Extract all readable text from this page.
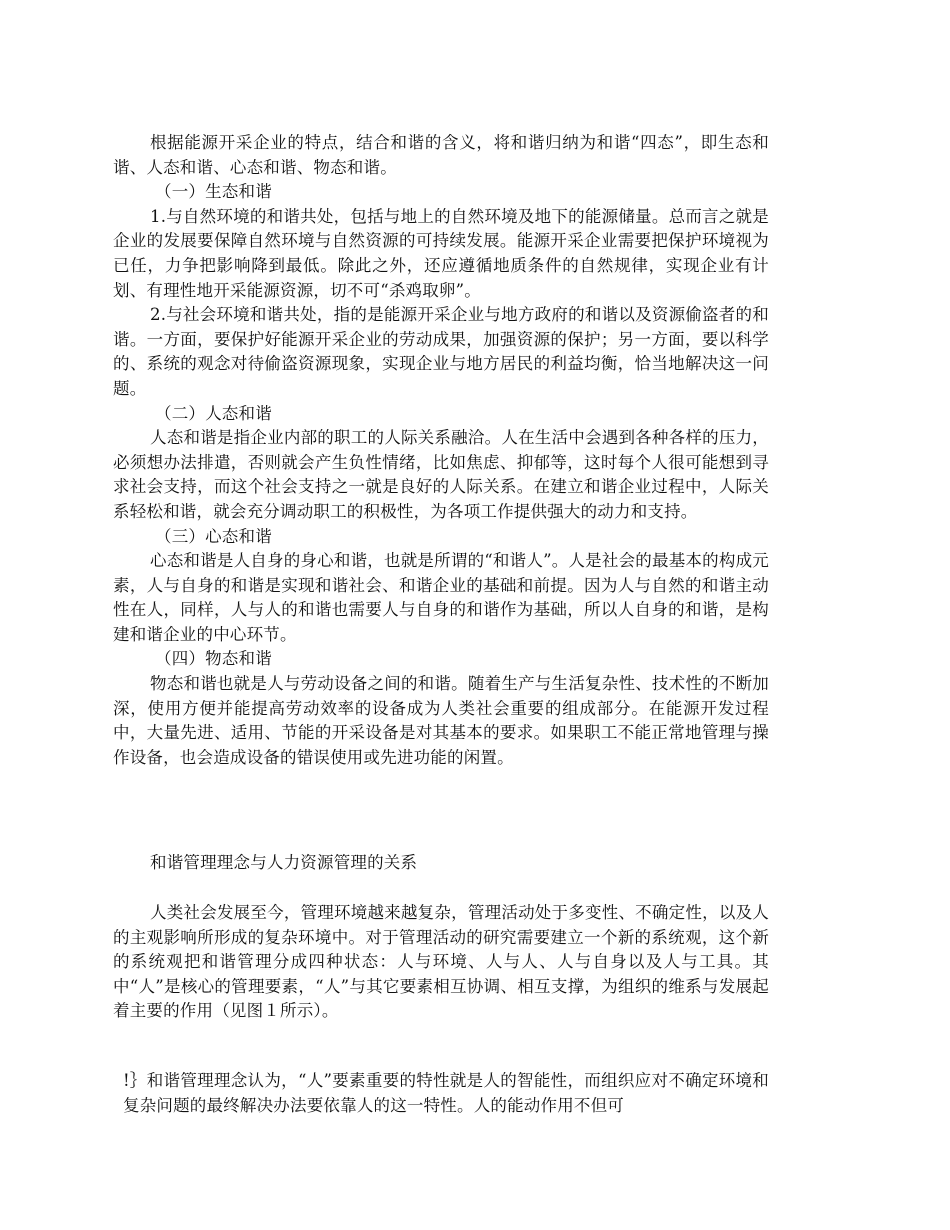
根据能源开采企业的特点，结合和谐的含义，将和谐归纳为和谐“四态”，即生态和谐、人态和谐、心态和谐、物态和谐。

（一）生态和谐

1.与自然环境的和谐共处，包括与地上的自然环境及地下的能源储量。总而言之就是企业的发展要保障自然环境与自然资源的可持续发展。能源开采企业需要把保护环境视为已任，力争把影响降到最低。除此之外，还应遵循地质条件的自然规律，实现企业有计划、有理性地开采能源资源，切不可“杀鸡取卵”。

2.与社会环境和谐共处，指的是能源开采企业与地方政府的和谐以及资源偷盗者的和谐。一方面，要保护好能源开采企业的劳动成果，加强资源的保护；另一方面，要以科学的、系统的观念对待偷盗资源现象，实现企业与地方居民的利益均衡，恰当地解决这一问题。

（二）人态和谐

人态和谐是指企业内部的职工的人际关系融洽。人在生活中会遇到各种各样的压力，必须想办法排遣，否则就会产生负性情绪，比如焦虑、抑郁等，这时每个人很可能想到寻求社会支持，而这个社会支持之一就是良好的人际关系。在建立和谐企业过程中，人际关系轻松和谐，就会充分调动职工的积极性，为各项工作提供强大的动力和支持。

（三）心态和谐

心态和谐是人自身的身心和谐，也就是所谓的“和谐人”。人是社会的最基本的构成元素，人与自身的和谐是实现和谐社会、和谐企业的基础和前提。因为人与自然的和谐主动性在人，同样，人与人的和谐也需要人与自身的和谐作为基础，所以人自身的和谐，是构建和谐企业的中心环节。

（四）物态和谐

物态和谐也就是人与劳动设备之间的和谐。随着生产与生活复杂性、技术性的不断加深，使用方便并能提高劳动效率的设备成为人类社会重要的组成部分。在能源开发过程中，大量先进、适用、节能的开采设备是对其基本的要求。如果职工不能正常地管理与操作设备，也会造成设备的错误使用或先进功能的闲置。

和谐管理理念与人力资源管理的关系

人类社会发展至今，管理环境越来越复杂，管理活动处于多变性、不确定性，以及人的主观影响所形成的复杂环境中。对于管理活动的研究需要建立一个新的系统观，这个新的系统观把和谐管理分成四种状态：人与环境、人与人、人与自身以及人与工具。其中“人”是核心的管理要素，“人”与其它要素相互协调、相互支撑，为组织的维系与发展起着主要的作用（见图１所示）。

!｝和谐管理理念认为，“人”要素重要的特性就是人的智能性，而组织应对不确定环境和复杂问题的最终解决办法要依靠人的这一特性。人的能动作用不但可
